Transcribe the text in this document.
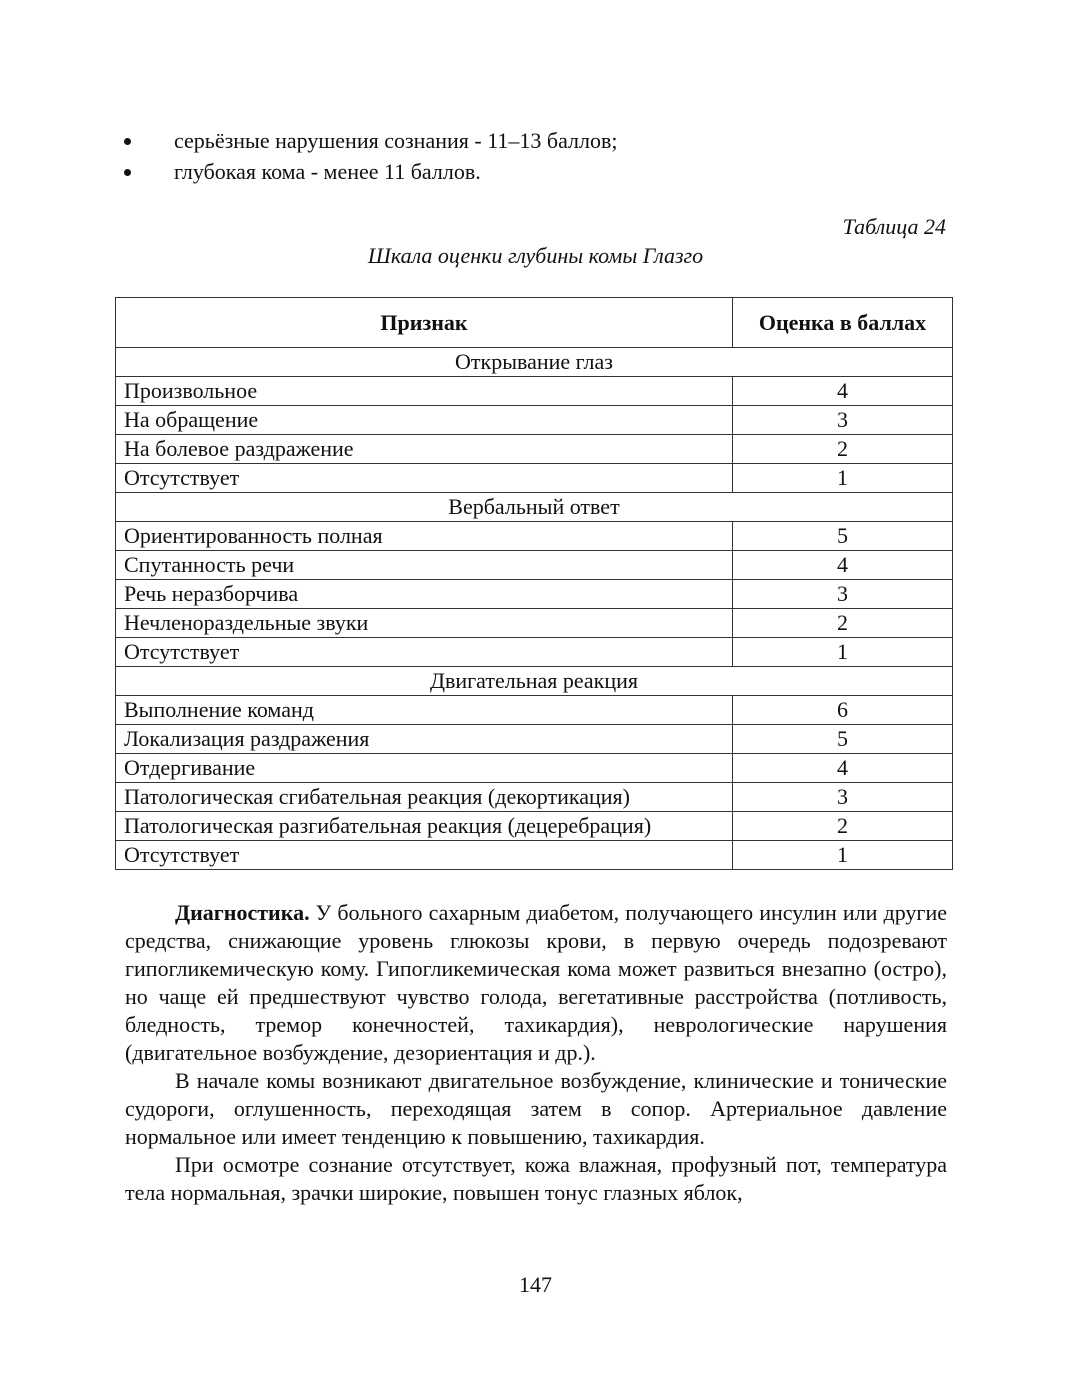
серьёзные нарушения сознания - 11–13 баллов;
глубокая кома - менее 11 баллов.
Таблица 24
Шкала оценки глубины комы Глазго
Признак	Оценка в баллах
Открывание глаз	
Произвольное	4
На обращение	3
На болевое раздражение	2
Отсутствует	1
Вербальный ответ	
Ориентированность полная	5
Спутанность речи	4
Речь неразборчива	3
Нечленораздельные звуки	2
Отсутствует	1
Двигательная реакция	
Выполнение команд	6
Локализация раздражения	5
Отдергивание	4
Патологическая сгибательная реакция (декортикация)	3
Патологическая разгибательная реакция (децеребрация)	2
Отсутствует	1

Диагностика. У больного сахарным диабетом, получающего инсулин или другие средства, снижающие уровень глюкозы крови, в первую очередь подозревают гипогликемическую кому. Гипогликемическая кома может развиться внезапно (остро), но чаще ей предшествуют чувство голода, вегетативные расстройства (потливость, бледность, тремор конечностей, тахикардия), неврологические нарушения (двигательное возбуждение, дезориентация и др.).

В начале комы возникают двигательное возбуждение, клинические и тонические судороги, оглушенность, переходящая затем в сопор. Артериальное давление нормальное или имеет тенденцию к повышению, тахикардия.

При осмотре сознание отсутствует, кожа влажная, профузный пот, температура тела нормальная, зрачки широкие, повышен тонус глазных яблок,

147
